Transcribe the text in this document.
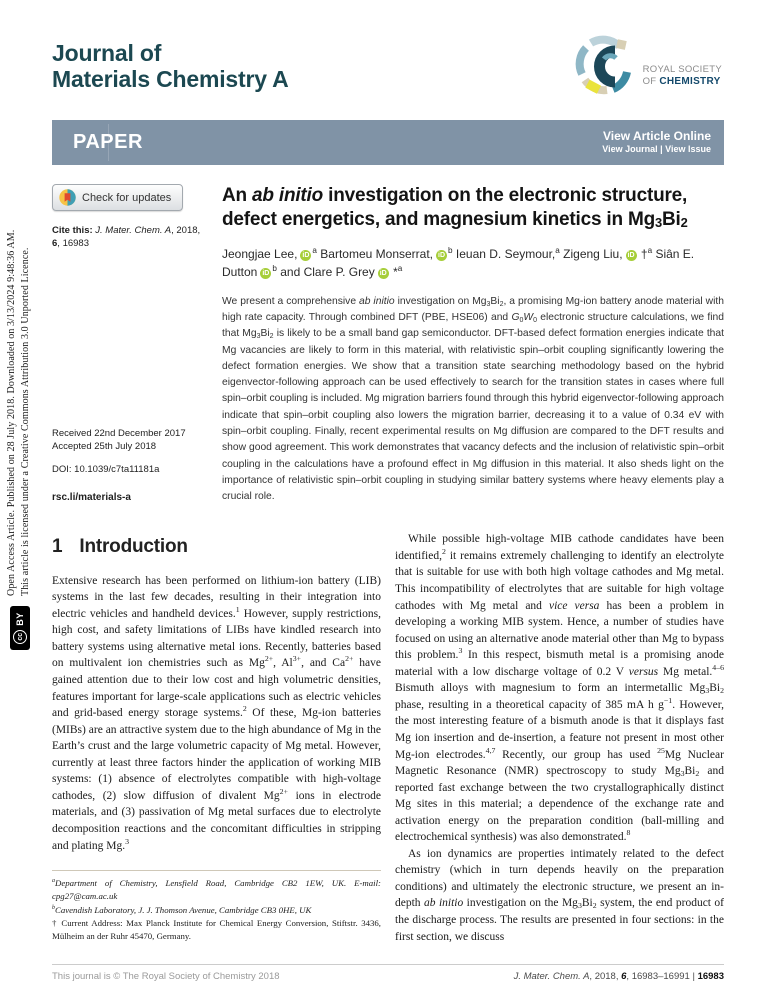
Open Access Article. Published on 28 July 2018. Downloaded on 3/13/2024 9:48:36 AM. This article is licensed under a Creative Commons Attribution 3.0 Unported Licence.
cc
BY
Journal of
Materials Chemistry A	ROYAL SOCIETY
OF CHEMISTRY
PAPER	View Article Online
View Journal | View Issue
Check for updates
Cite this: J. Mater. Chem. A, 2018, 6, 16983
Received 22nd December 2017
Accepted 25th July 2018
DOI: 10.1039/c7ta11181a
rsc.li/materials-a
An ab initio investigation on the electronic structure, defect energetics, and magnesium kinetics in $Mg_3Bi_2$
Jeongjae Lee, $iD^a$ Bartomeu Monserrat, $iD^b$ Ieuan D. Seymour,$^a$ Zigeng Liu, iD †$^a$ Siân E. Dutton $iD^b$ and Clare P. Grey iD *$^a$
We present a comprehensive ab initio investigation on $Mg_3Bi_2$, a promising Mg-ion battery anode material with high rate capacity. Through combined DFT (PBE, HSE06) and $G_0W_0$ electronic structure calculations, we find that $Mg_3Bi_2$ is likely to be a small band gap semiconductor. DFT-based defect formation energies indicate that Mg vacancies are likely to form in this material, with relativistic spin–orbit coupling significantly lowering the defect formation energies. We show that a transition state searching methodology based on the hybrid eigenvector-following approach can be used effectively to search for the transition states in cases where full spin–orbit coupling is included. Mg migration barriers found through this hybrid eigenvector-following approach indicate that spin–orbit coupling also lowers the migration barrier, decreasing it to a value of 0.34 eV with spin–orbit coupling. Finally, recent experimental results on Mg diffusion are compared to the DFT results and show good agreement. This work demonstrates that vacancy defects and the inclusion of relativistic spin–orbit coupling in the calculations have a profound effect in Mg diffusion in this material. It also sheds light on the importance of relativistic spin–orbit coupling in studying similar battery systems where heavy elements play a crucial role.
1 Introduction

Extensive research has been performed on lithium-ion battery (LIB) systems in the last few decades, resulting in their integration into electric vehicles and handheld devices.$^1$ However, supply restrictions, high cost, and safety limitations of LIBs have kindled research into battery systems using alternative metal ions. Recently, batteries based on multivalent ion chemistries such as $Mg^{2+}$, $Al^{3+}$, and $Ca^{2+}$ have gained attention due to their low cost and high volumetric densities, features important for large-scale applications such as electric vehicles and grid-based energy storage systems.$^2$ Of these, Mg-ion batteries (MIBs) are an attractive system due to the high abundance of Mg in the Earth’s crust and the large volumetric capacity of Mg metal. However, currently at least three factors hinder the application of working MIB systems: (1) absence of electrolytes compatible with high-voltage cathodes, (2) slow diffusion of divalent $Mg^{2+}$ ions in electrode materials, and (3) passivation of Mg metal surfaces due to electrolyte decomposition reactions and the concomitant difficulties in stripping and plating Mg.$^3$

$^a$Department of Chemistry, Lensfield Road, Cambridge CB2 1EW, UK. E-mail: cpg27@cam.ac.uk

$^b$Cavendish Laboratory, J. J. Thomson Avenue, Cambridge CB3 0HE, UK

† Current Address: Max Planck Institute for Chemical Energy Conversion, Stiftstr. 3436, Mülheim an der Ruhr 45470, Germany.

While possible high-voltage MIB cathode candidates have been identified,$^2$ it remains extremely challenging to identify an electrolyte that is suitable for use with both high voltage cathodes and Mg metal. This incompatibility of electrolytes that are suitable for high voltage cathodes with Mg metal and vice versa has been a problem in developing a working MIB system. Hence, a number of studies have focused on using an alternative anode material other than Mg to bypass this problem.$^3$ In this respect, bismuth metal is a promising anode material with a low discharge voltage of 0.2 V versus Mg metal.$^{4-6}$ Bismuth alloys with magnesium to form an intermetallic $Mg_3Bi_2$ phase, resulting in a theoretical capacity of 385 mA h $g^{-1}$. However, the most interesting feature of a bismuth anode is that it displays fast Mg ion insertion and de-insertion, a feature not present in most other Mg-ion electrodes.$^{4,7}$ Recently, our group has used $^{25}$Mg Nuclear Magnetic Resonance (NMR) spectroscopy to study $Mg_3Bi_2$ and reported fast exchange between the two crystallographically distinct Mg sites in this material; a dependence of the exchange rate and activation energy on the preparation condition (ball-milling and electrochemical synthesis) was also demonstrated.$^8$

As ion dynamics are properties intimately related to the defect chemistry (which in turn depends heavily on the preparation conditions) and ultimately the electronic structure, we present an in-depth ab initio investigation on the $Mg_3Bi_2$ system, the end product of the discharge process. The results are presented in four sections: in the first section, we discuss

This journal is © The Royal Society of Chemistry 2018	J. Mater. Chem. A, 2018, 6, 16983–16991 | 16983
